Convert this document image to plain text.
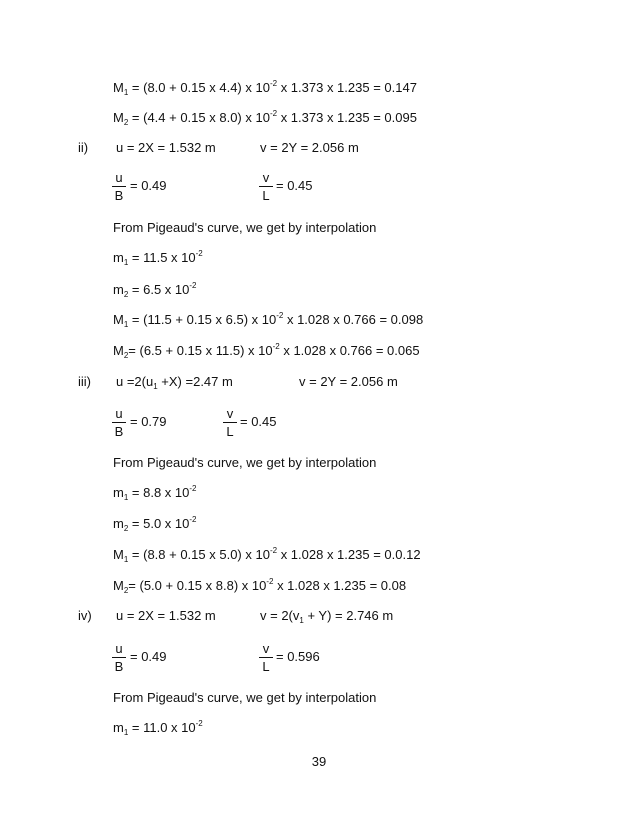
$M_1 = (8.0 + 0.15$ x 4.4) x $10^{-2}$ x 1.373 x 1.235 = 0.147
$M_2 = (4.4 + 0.15$ x 8.0) x $10^{-2}$ x 1.373 x 1.235 = 0.095
ii) u = 2X = 1.532 m	v = 2Y = 2.056 m
u
B
= 0.49
v
L
= 0.45
From Pigeaud's curve, we get by interpolation
$m_1 = 11.5$ x $10^{-2}$
$m_2 = 6.5$ x $10^{-2}$
$M_1 = (11.5 + 0.15$ x 6.5) x $10^{-2}$ x 1.028 x 0.766 = 0.098
$M_2= (6.5 + 0.15$ x 11.5) x $10^{-2}$ x 1.028 x 0.766 = 0.065
iii) $u =2(u_1 +X) =2.47$ m	v = 2Y = 2.056 m
u
B
= 0.79
v
L
= 0.45
From Pigeaud's curve, we get by interpolation
$m_1 = 8.8$ x $10^{-2}$
$m_2 = 5.0$ x $10^{-2}$
$M_1 = (8.8 + 0.15$ x 5.0) x $10^{-2}$ x 1.028 x 1.235 = 0.0.12
$M_2= (5.0 + 0.15$ x 8.8) x $10^{-2}$ x 1.028 x 1.235 = 0.08
iv) u = 2X = 1.532 m	$v = 2(v_1 + Y) = 2.746$ m
u
B
= 0.49
v
L
= 0.596
From Pigeaud's curve, we get by interpolation
$m_1 = 11.0$ x $10^{-2}$
39
